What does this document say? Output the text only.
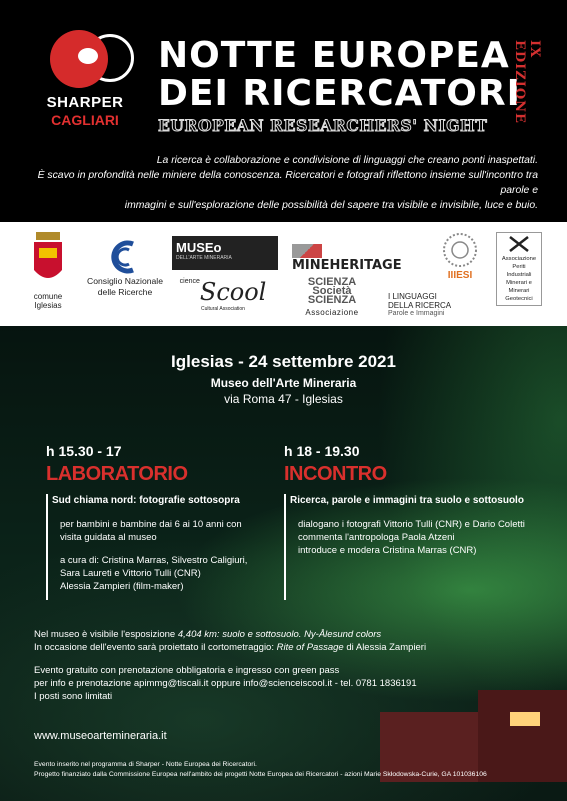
SHARPER
CAGLIARI
NOTTE EUROPEA
DEI RICERCATORI
EUROPEAN RESEARCHERS' NIGHT
IX EDIZIONE
La ricerca è collaborazione e condivisione di linguaggi che creano ponti inaspettati.
È scavo in profondità nelle miniere della conoscenza. Ricercatori e fotografi riflettono insieme sull'incontro tra parole e
immagini e sull'esplorazione delle possibilità del sapere tra visibile e invisibile, luce e buio.
comune
Iglesias
Consiglio Nazionale
delle Ricerche
MUSEo
DELL'ARTE MINERARIA
$^{cience}$Scool
Cultural Association
MINEHERITAGE
SCIENZA
Società
SCIENZA
Associazione
IIIESI
I LINGUAGGI
DELLA RICERCA
Parole e Immagini
Associazione
Periti
Industriali
Minerari e
Minerari
Geotecnici
Iglesias - 24 settembre 2021
Museo dell'Arte Mineraria
via Roma 47 - Iglesias
h 15.30 - 17
LABORATORIO
Sud chiama nord: fotografie sottosopra
per bambini e bambine dai 6 ai 10 anni con
visita guidata al museo
a cura di: Cristina Marras, Silvestro Caligiuri,
Sara Laureti e Vittorio Tulli (CNR)
Alessia Zampieri (film-maker)
h 18 - 19.30
INCONTRO
Ricerca, parole e immagini tra suolo e sottosuolo
dialogano i fotografi Vittorio Tulli (CNR) e Dario Coletti
commenta l'antropologa Paola Atzeni
introduce e modera Cristina Marras (CNR)
Nel museo è visibile l'esposizione 4,404 km: suolo e sottosuolo. Ny-Ålesund colors
In occasione dell'evento sarà proiettato il cortometraggio: Rite of Passage di Alessia Zampieri
Evento gratuito con prenotazione obbligatoria e ingresso con green pass
per info e prenotazione apimmg@tiscali.it oppure info@scienceiscool.it - tel. 0781 1836191
I posti sono limitati
www.museoartemineraria.it
Evento inserito nel programma di Sharper - Notte Europea dei Ricercatori.
Progetto finanziato dalla Commissione Europea nell'ambito dei progetti Notte Europea dei Ricercatori - azioni Marie Skłodowska-Curie, GA 101036106
